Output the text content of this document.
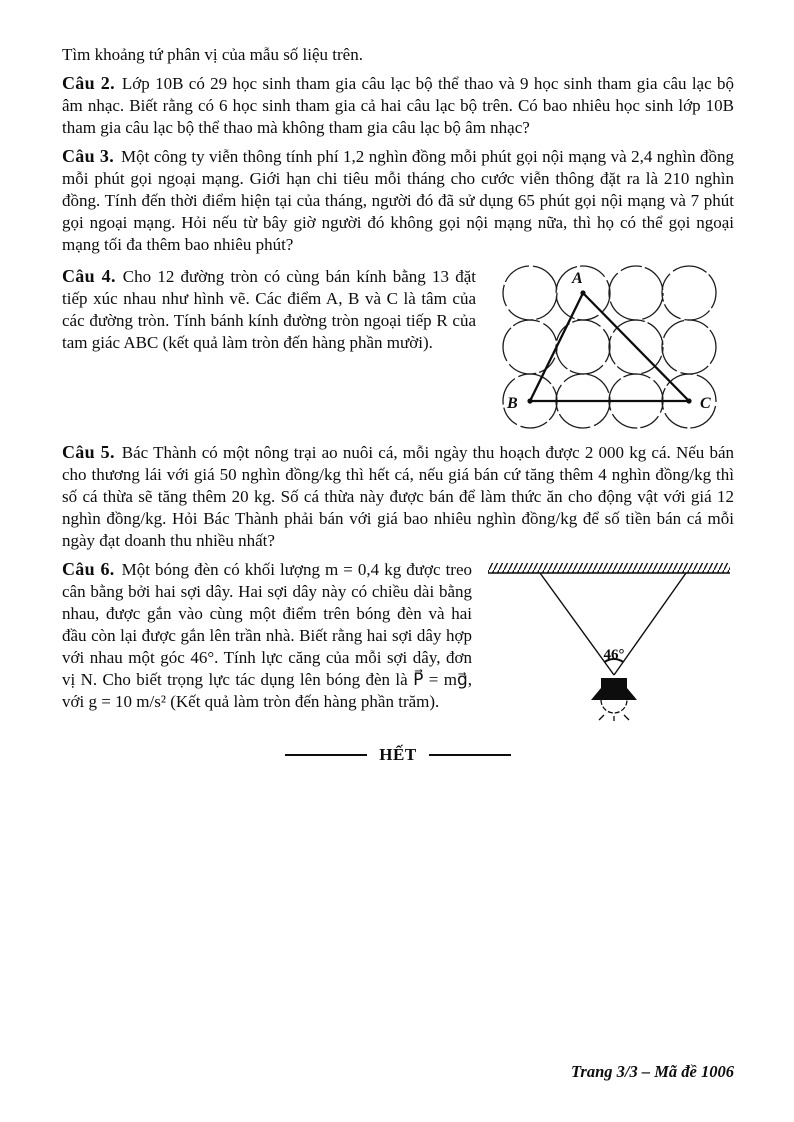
Tìm khoảng tứ phân vị của mẫu số liệu trên.

Câu 2. Lớp 10B có 29 học sinh tham gia câu lạc bộ thể thao và 9 học sinh tham gia câu lạc bộ âm nhạc. Biết rằng có 6 học sinh tham gia cả hai câu lạc bộ trên. Có bao nhiêu học sinh lớp 10B tham gia câu lạc bộ thể thao mà không tham gia câu lạc bộ âm nhạc?

Câu 3. Một công ty viễn thông tính phí 1,2 nghìn đồng mỗi phút gọi nội mạng và 2,4 nghìn đồng mỗi phút gọi ngoại mạng. Giới hạn chi tiêu mỗi tháng cho cước viễn thông đặt ra là 210 nghìn đồng. Tính đến thời điểm hiện tại của tháng, người đó đã sử dụng 65 phút gọi nội mạng và 7 phút gọi ngoại mạng. Hỏi nếu từ bây giờ người đó không gọi nội mạng nữa, thì họ có thể gọi ngoại mạng tối đa thêm bao nhiêu phút?

Câu 4. Cho 12 đường tròn có cùng bán kính bằng 13 đặt tiếp xúc nhau như hình vẽ. Các điểm A, B và C là tâm của các đường tròn. Tính bánh kính đường tròn ngoại tiếp R của tam giác ABC (kết quả làm tròn đến hàng phần mười).

A
B	C

Câu 5. Bác Thành có một nông trại ao nuôi cá, mỗi ngày thu hoạch được 2 000 kg cá. Nếu bán cho thương lái với giá 50 nghìn đồng/kg thì hết cá, nếu giá bán cứ tăng thêm 4 nghìn đồng/kg thì số cá thừa sẽ tăng thêm 20 kg. Số cá thừa này được bán để làm thức ăn cho động vật với giá 12 nghìn đồng/kg. Hỏi Bác Thành phải bán với giá bao nhiêu nghìn đồng/kg để số tiền bán cá mỗi ngày đạt doanh thu nhiều nhất?

Câu 6. Một bóng đèn có khối lượng m = 0,4 kg được treo cân bằng bởi hai sợi dây. Hai sợi dây này có chiều dài bằng nhau, được gắn vào cùng một điểm trên bóng đèn và hai đầu còn lại được gắn lên trần nhà. Biết rằng hai sợi dây hợp với nhau một góc 46°. Tính lực căng của mỗi sợi dây, đơn vị N. Cho biết trọng lực tác dụng lên bóng đèn là P⃗ = mg⃗, với g = 10 m/s² (Kết quả làm tròn đến hàng phần trăm).

46°
HẾT
Trang 3/3 – Mã đề 1006
